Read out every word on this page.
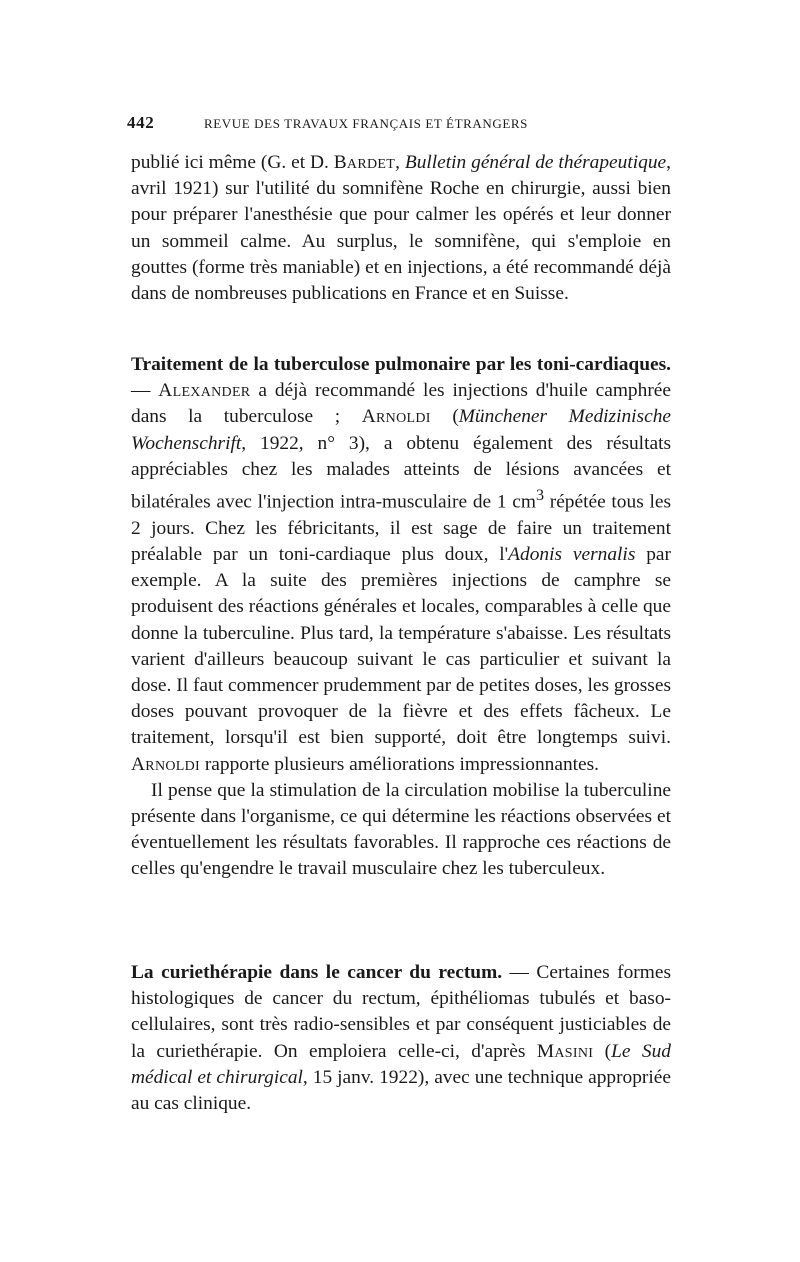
442	REVUE DES TRAVAUX FRANÇAIS ET ÉTRANGERS

publié ici même (G. et D. Bardet, Bulletin général de thérapeutique, avril 1921) sur l'utilité du somnifène Roche en chirurgie, aussi bien pour préparer l'anesthésie que pour calmer les opérés et leur donner un sommeil calme. Au surplus, le somnifène, qui s'emploie en gouttes (forme très maniable) et en injections, a été recommandé déjà dans de nombreuses publications en France et en Suisse.

Traitement de la tuberculose pulmonaire par les toni-cardiaques. — Alexander a déjà recommandé les injections d'huile camphrée dans la tuberculose ; Arnoldi (Münchener Medizinische Wochenschrift, 1922, n° 3), a obtenu également des résultats appréciables chez les malades atteints de lésions avancées et bilatérales avec l'injection intra-musculaire de 1 $cm^3$ répétée tous les 2 jours. Chez les fébricitants, il est sage de faire un traitement préalable par un toni-cardiaque plus doux, l'Adonis vernalis par exemple. A la suite des premières injections de camphre se produisent des réactions générales et locales, comparables à celle que donne la tuberculine. Plus tard, la température s'abaisse. Les résultats varient d'ailleurs beaucoup suivant le cas particulier et suivant la dose. Il faut commencer prudemment par de petites doses, les grosses doses pouvant provoquer de la fièvre et des effets fâcheux. Le traitement, lorsqu'il est bien supporté, doit être longtemps suivi. Arnoldi rapporte plusieurs améliorations impressionnantes.

Il pense que la stimulation de la circulation mobilise la tuberculine présente dans l'organisme, ce qui détermine les réactions observées et éventuellement les résultats favorables. Il rapproche ces réactions de celles qu'engendre le travail musculaire chez les tuberculeux.

La curiethérapie dans le cancer du rectum. — Certaines formes histologiques de cancer du rectum, épithéliomas tubulés et baso-cellulaires, sont très radio-sensibles et par conséquent justiciables de la curiethérapie. On emploiera celle-ci, d'après Masini (Le Sud médical et chirurgical, 15 janv. 1922), avec une technique appropriée au cas clinique.
